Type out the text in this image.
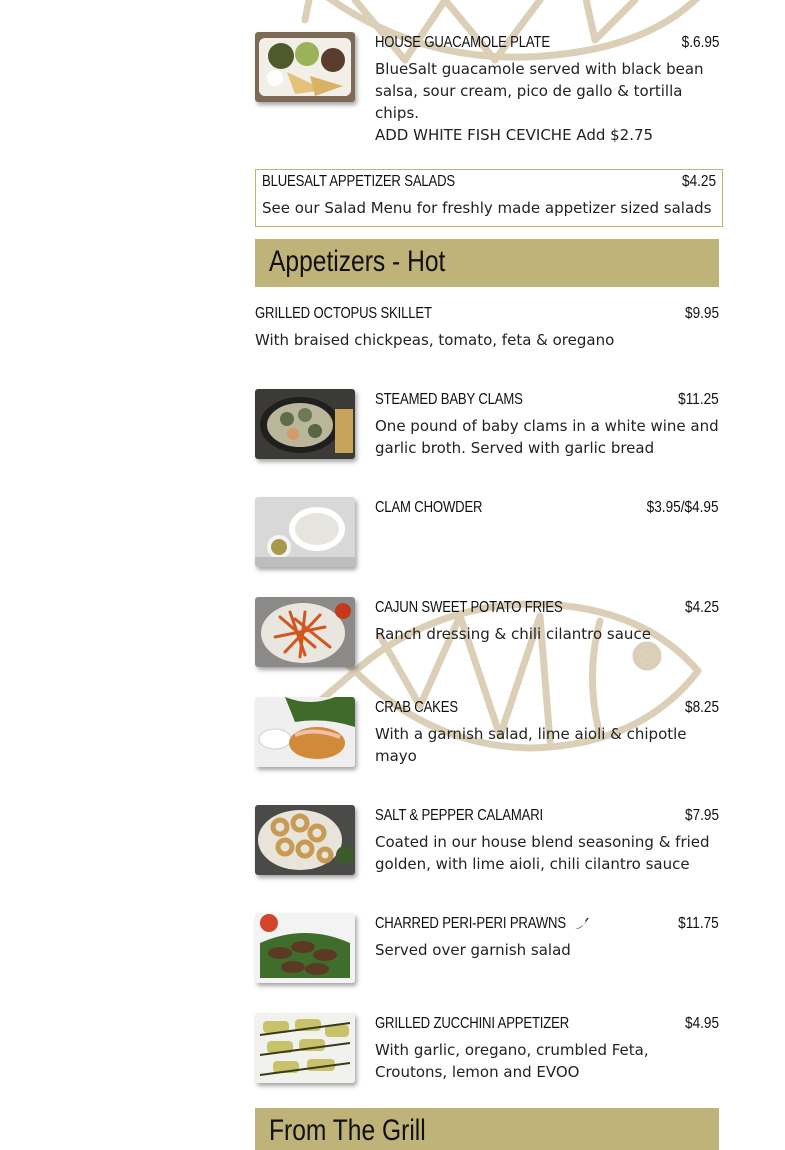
HOUSE GUACAMOLE PLATE	$.6.95

BlueSalt guacamole served with black bean salsa, sour cream, pico de gallo & tortilla chips.

ADD WHITE FISH CEVICHE Add $2.75

BLUESALT APPETIZER SALADS	$4.25

See our Salad Menu for freshly made appetizer sized salads

Appetizers - Hot
GRILLED OCTOPUS SKILLET	$9.95

With braised chickpeas, tomato, feta & oregano

STEAMED BABY CLAMS	$11.25

One pound of baby clams in a white wine and garlic broth. Served with garlic bread

CLAM CHOWDER	$3.95/$4.95
CAJUN SWEET POTATO FRIES	$4.25

Ranch dressing & chili cilantro sauce

CRAB CAKES	$8.25

With a garnish salad, lime aioli & chipotle mayo

SALT & PEPPER CALAMARI	$7.95

Coated in our house blend seasoning & fried golden, with lime aioli, chili cilantro sauce

CHARRED PERI-PERI PRAWNS	$11.75

Served over garnish salad

GRILLED ZUCCHINI APPETIZER	$4.95

With garlic, oregano, crumbled Feta, Croutons, lemon and EVOO

From The Grill
